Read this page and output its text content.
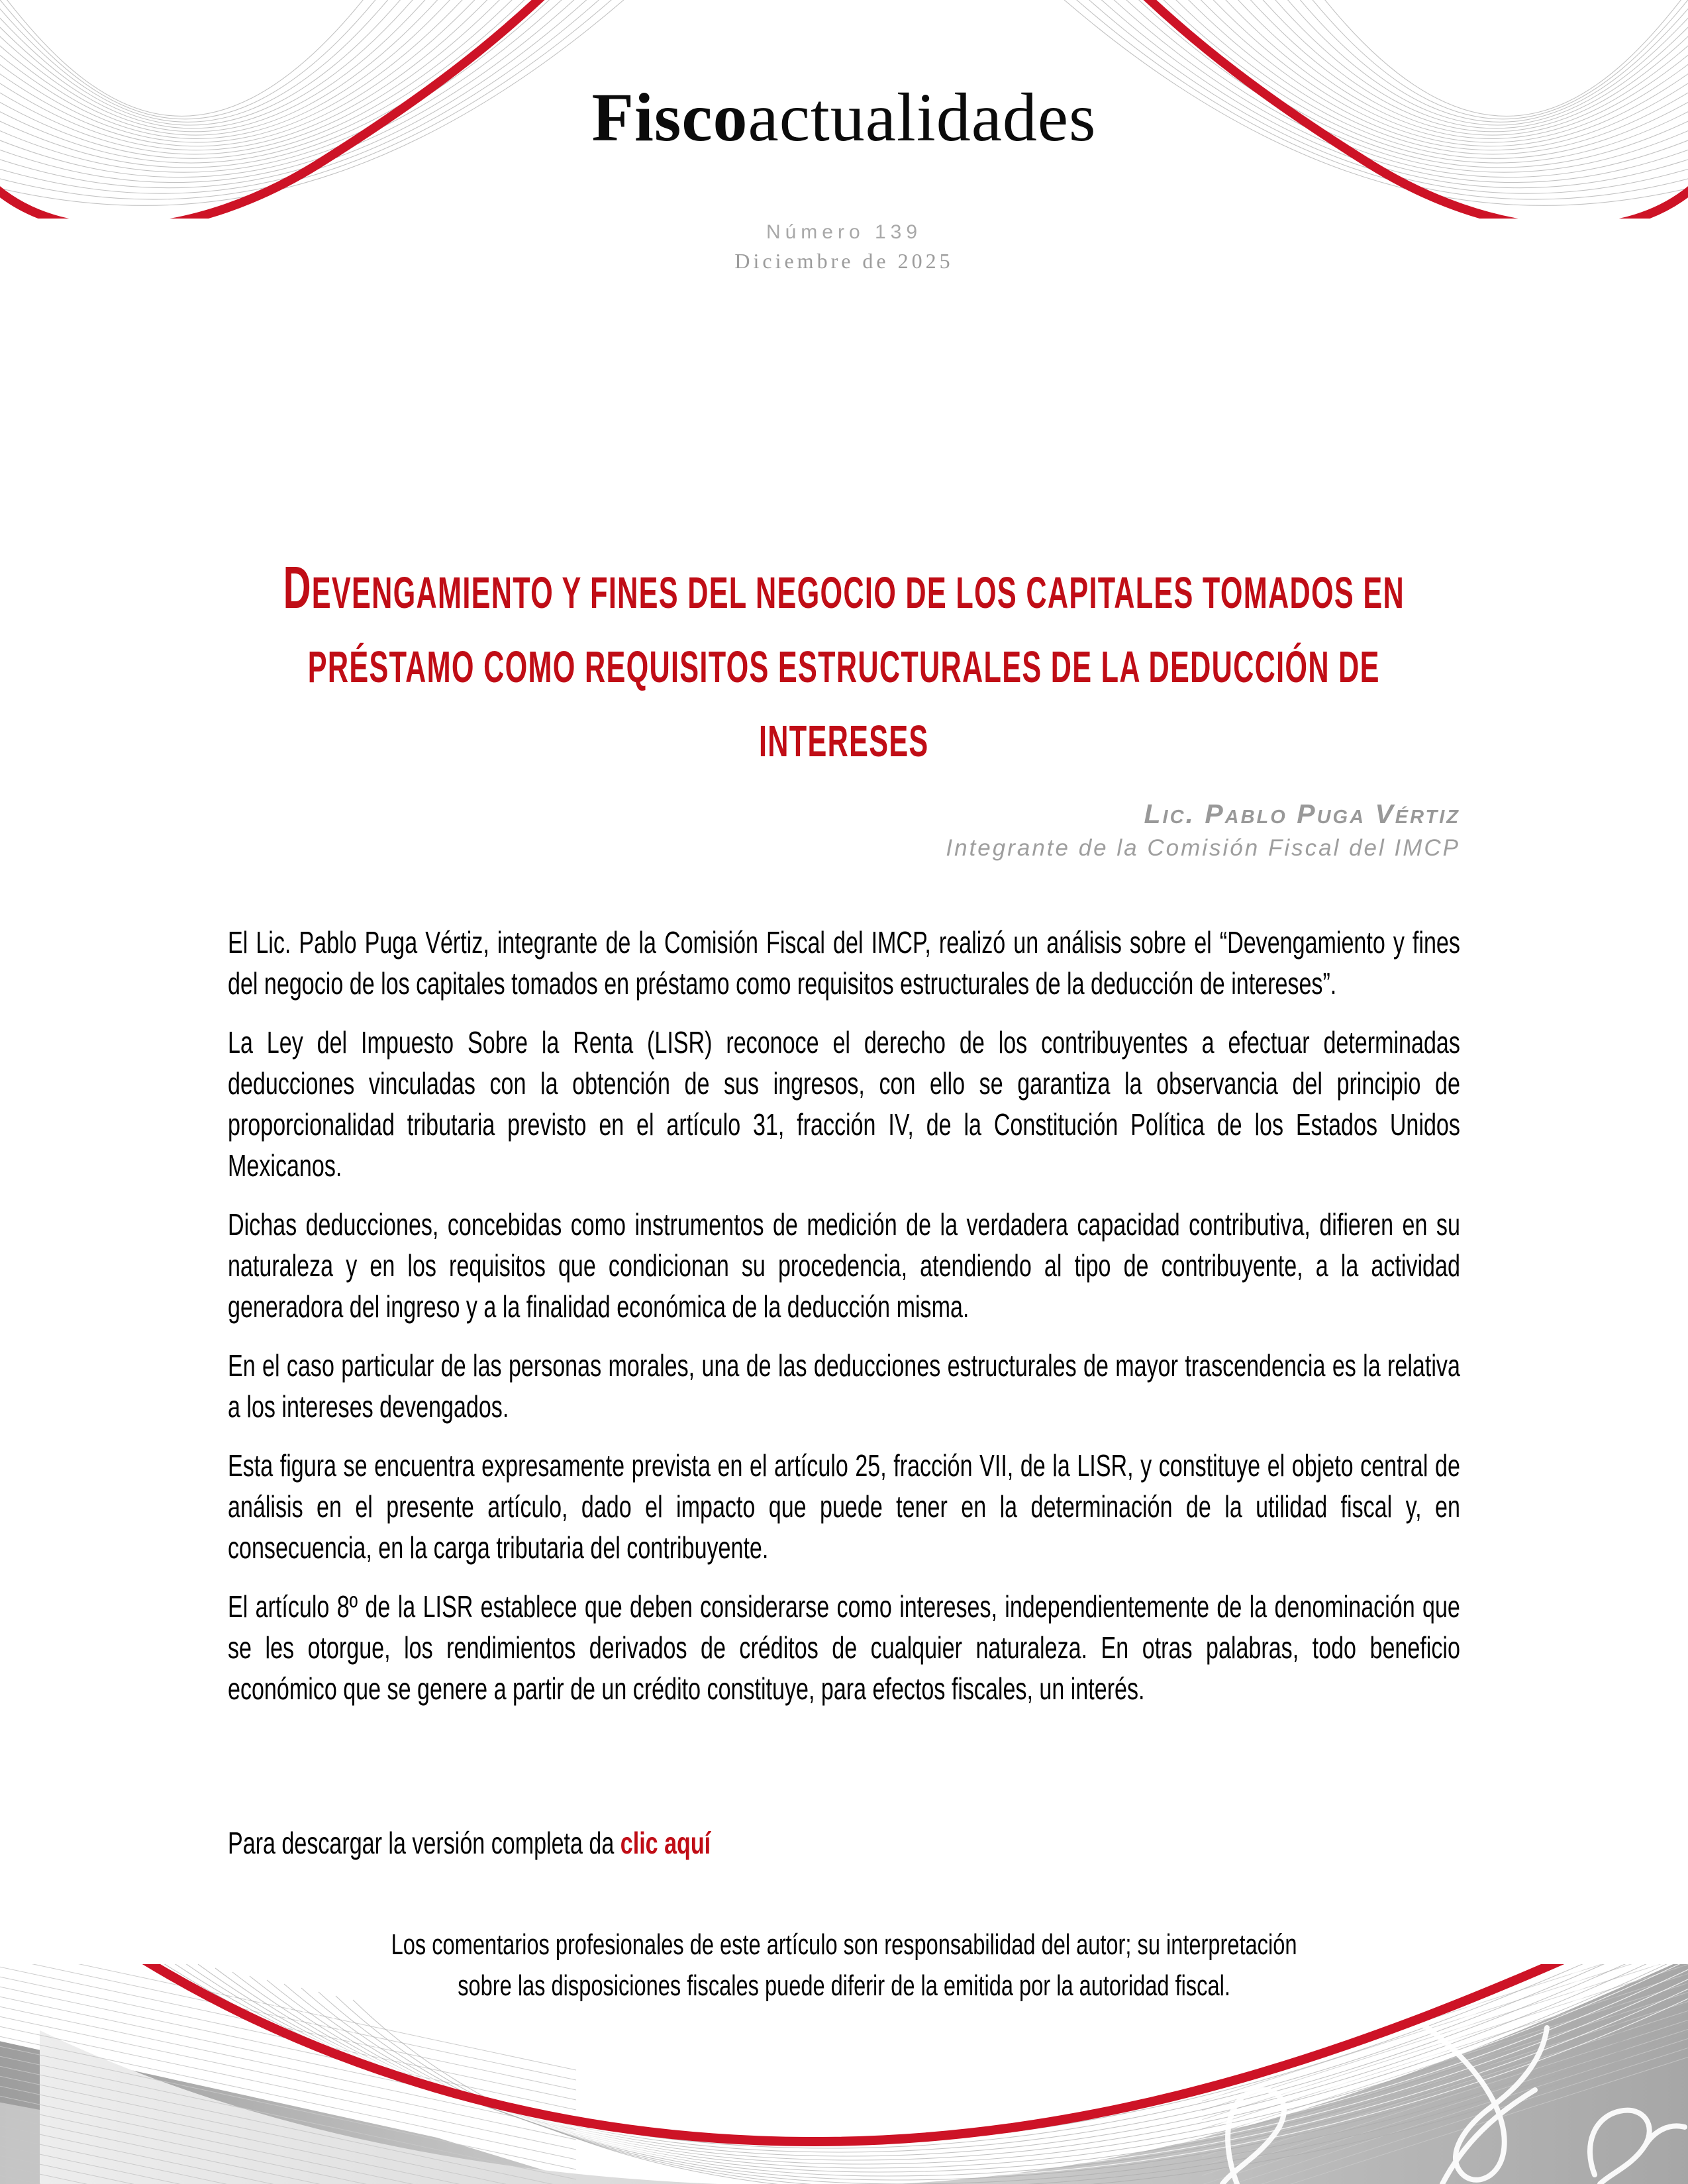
Fiscoactualidades
Número 139
Diciembre de 2025
DEVENGAMIENTO Y FINES DEL NEGOCIO DE LOS CAPITALES TOMADOS EN
PRÉSTAMO COMO REQUISITOS ESTRUCTURALES DE LA DEDUCCIÓN DE
INTERESES
Lic. Pablo Puga Vértiz
Integrante de la Comisión Fiscal del IMCP

El Lic. Pablo Puga Vértiz, integrante de la Comisión Fiscal del IMCP, realizó un análisis sobre el “Devengamiento y fines del negocio de los capitales tomados en préstamo como requisitos estructurales de la deducción de intereses”.

La Ley del Impuesto Sobre la Renta (LISR) reconoce el derecho de los contribuyentes a efectuar determinadas deducciones vinculadas con la obtención de sus ingresos, con ello se garantiza la observancia del principio de proporcionalidad tributaria previsto en el artículo 31, fracción IV, de la Constitución Política de los Estados Unidos Mexicanos.

Dichas deducciones, concebidas como instrumentos de medición de la verdadera capacidad contributiva, difieren en su naturaleza y en los requisitos que condicionan su procedencia, atendiendo al tipo de contribuyente, a la actividad generadora del ingreso y a la finalidad económica de la deducción misma.

En el caso particular de las personas morales, una de las deducciones estructurales de mayor trascendencia es la relativa a los intereses devengados.

Esta figura se encuentra expresamente prevista en el artículo 25, fracción VII, de la LISR, y constituye el objeto central de análisis en el presente artículo, dado el impacto que puede tener en la determinación de la utilidad fiscal y, en consecuencia, en la carga tributaria del contribuyente.

El artículo 8º de la LISR establece que deben considerarse como intereses, independientemente de la denominación que se les otorgue, los rendimientos derivados de créditos de cualquier naturaleza. En otras palabras, todo beneficio económico que se genere a partir de un crédito constituye, para efectos fiscales, un interés.

Para descargar la versión completa da clic aquí

Los comentarios profesionales de este artículo son responsabilidad del autor; su interpretación
sobre las disposiciones fiscales puede diferir de la emitida por la autoridad fiscal.
